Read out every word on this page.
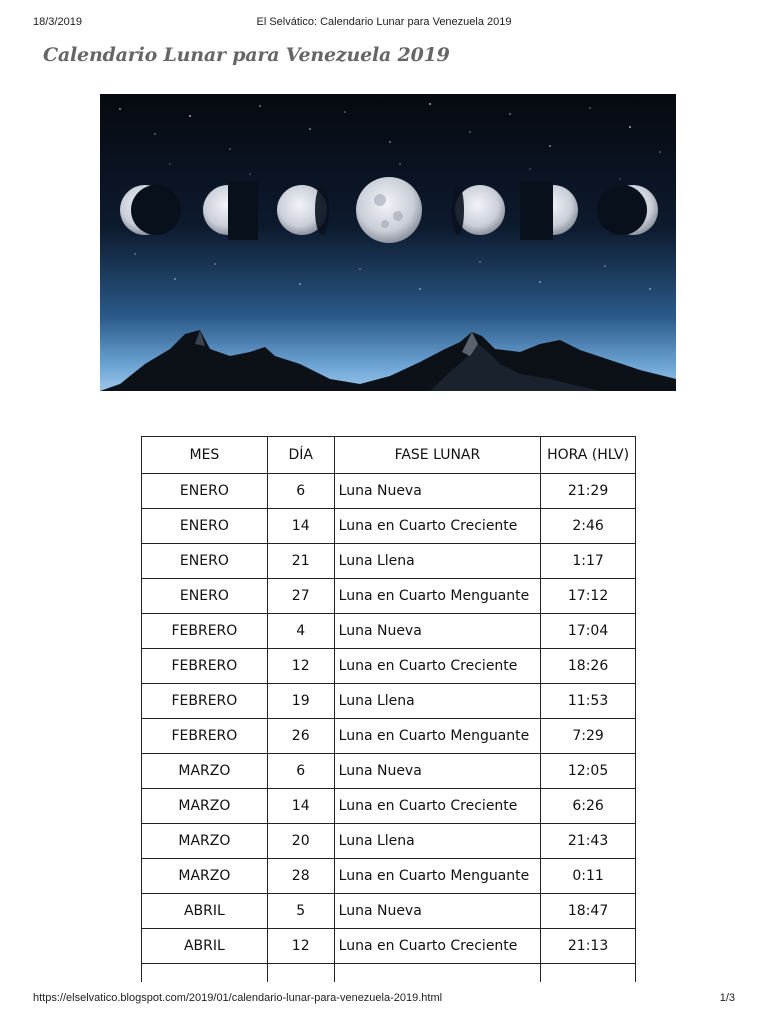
18/3/2019	El Selvático: Calendario Lunar para Venezuela 2019
Calendario Lunar para Venezuela 2019
MES	DÍA	FASE LUNAR	HORA (HLV)
ENERO	6	Luna Nueva	21:29
ENERO	14	Luna en Cuarto Creciente	2:46
ENERO	21	Luna Llena	1:17
ENERO	27	Luna en Cuarto Menguante	17:12
FEBRERO	4	Luna Nueva	17:04
FEBRERO	12	Luna en Cuarto Creciente	18:26
FEBRERO	19	Luna Llena	11:53
FEBRERO	26	Luna en Cuarto Menguante	7:29
MARZO	6	Luna Nueva	12:05
MARZO	14	Luna en Cuarto Creciente	6:26
MARZO	20	Luna Llena	21:43
MARZO	28	Luna en Cuarto Menguante	0:11
ABRIL	5	Luna Nueva	18:47
ABRIL	12	Luna en Cuarto Creciente	21:13

https://elselvatico.blogspot.com/2019/01/calendario-lunar-para-venezuela-2019.html	1/3
